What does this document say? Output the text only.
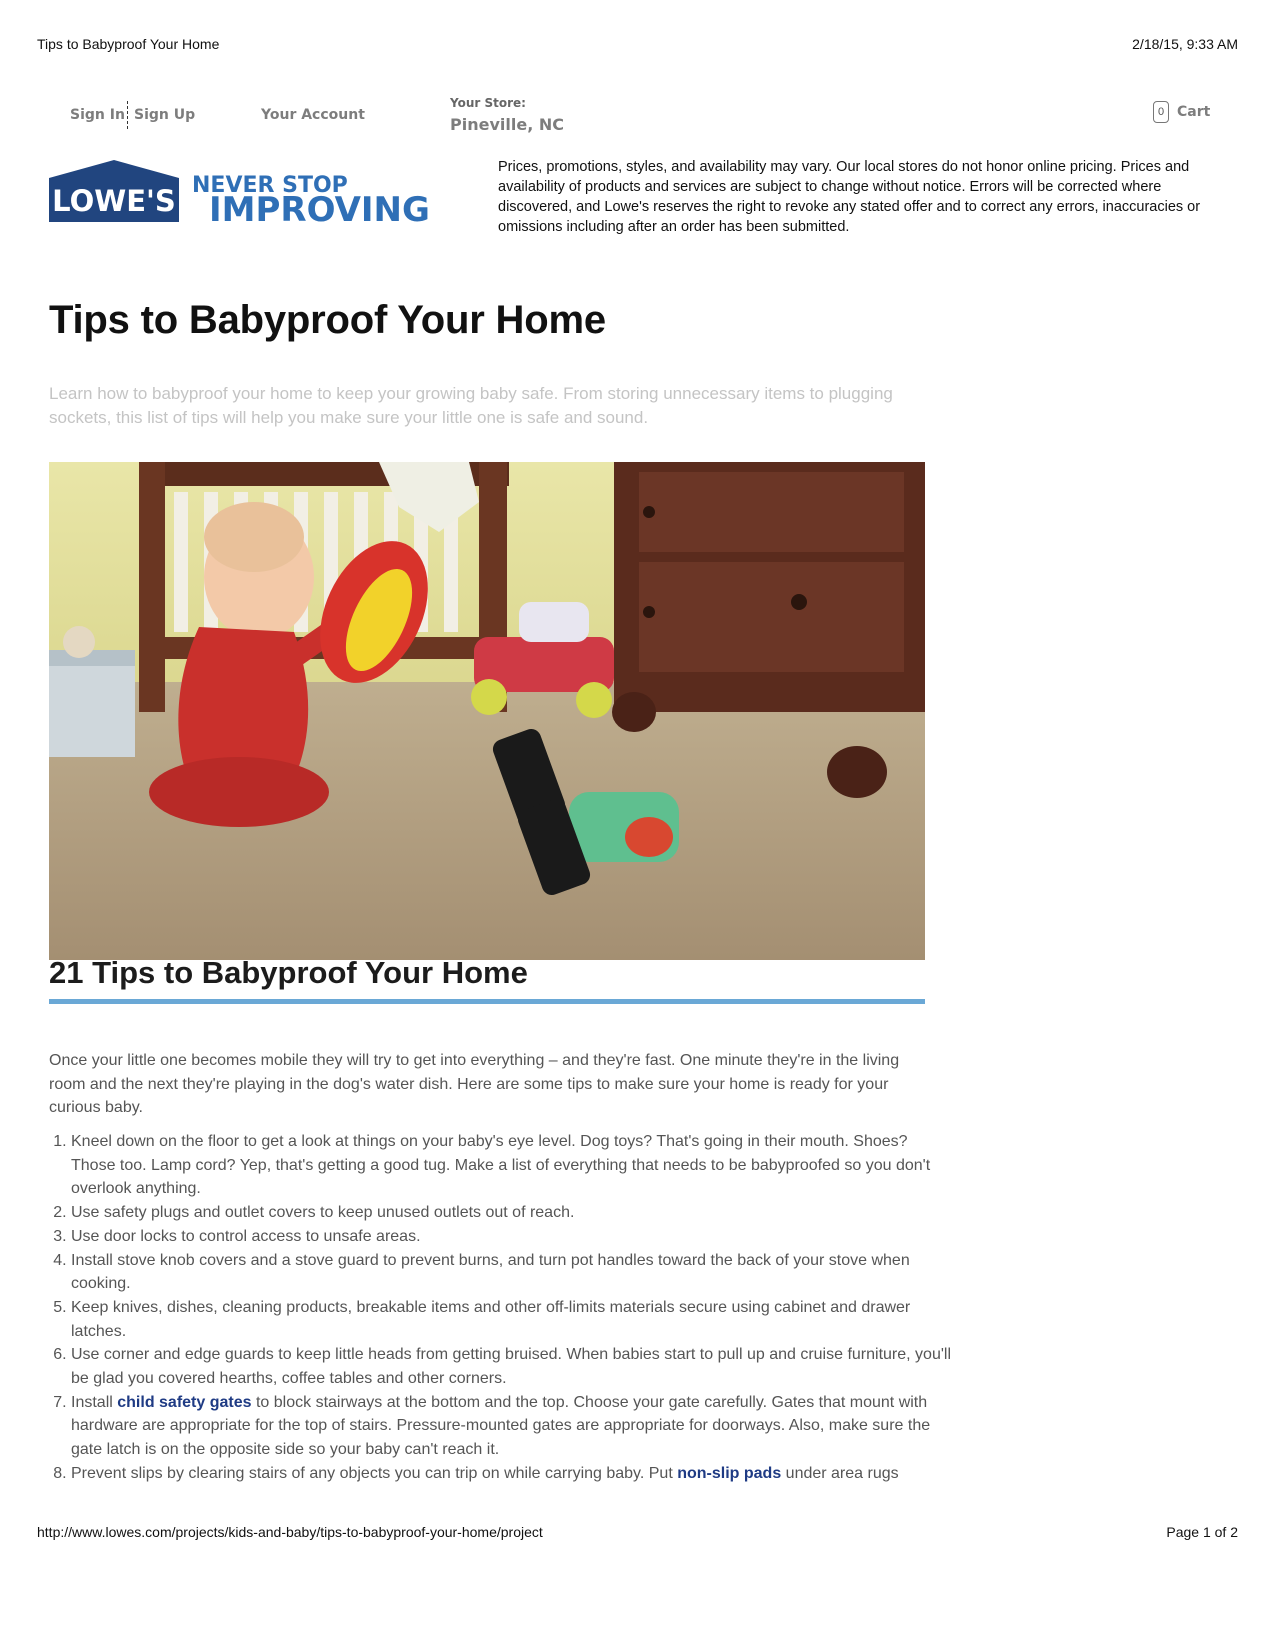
Tips to Babyproof Your Home	2/18/15, 9:33 AM
Sign In Sign Up	Your Account
Your Store:
Pineville, NC
0 Cart
LOWE'S NEVER STOP
IMPROVING
Prices, promotions, styles, and availability may vary. Our local stores do not honor online pricing. Prices and availability of products and services are subject to change without notice. Errors will be corrected where discovered, and Lowe's reserves the right to revoke any stated offer and to correct any errors, inaccuracies or omissions including after an order has been submitted.
Tips to Babyproof Your Home
Learn how to babyproof your home to keep your growing baby safe. From storing unnecessary items to plugging sockets, this list of tips will help you make sure your little one is safe and sound.
21 Tips to Babyproof Your Home
Once your little one becomes mobile they will try to get into everything – and they're fast. One minute they're in the living room and the next they're playing in the dog's water dish. Here are some tips to make sure your home is ready for your curious baby.
1. Kneel down on the floor to get a look at things on your baby's eye level. Dog toys? That's going in their mouth. Shoes? Those too. Lamp cord? Yep, that's getting a good tug. Make a list of everything that needs to be babyproofed so you don't overlook anything.
2. Use safety plugs and outlet covers to keep unused outlets out of reach.
3. Use door locks to control access to unsafe areas.
4. Install stove knob covers and a stove guard to prevent burns, and turn pot handles toward the back of your stove when cooking.
5. Keep knives, dishes, cleaning products, breakable items and other off-limits materials secure using cabinet and drawer latches.
6. Use corner and edge guards to keep little heads from getting bruised. When babies start to pull up and cruise furniture, you'll be glad you covered hearths, coffee tables and other corners.
7. Install child safety gates to block stairways at the bottom and the top. Choose your gate carefully. Gates that mount with hardware are appropriate for the top of stairs. Pressure-mounted gates are appropriate for doorways. Also, make sure the gate latch is on the opposite side so your baby can't reach it.
8. Prevent slips by clearing stairs of any objects you can trip on while carrying baby. Put non-slip pads under area rugs
http://www.lowes.com/projects/kids-and-baby/tips-to-babyproof-your-home/project	Page 1 of 2
